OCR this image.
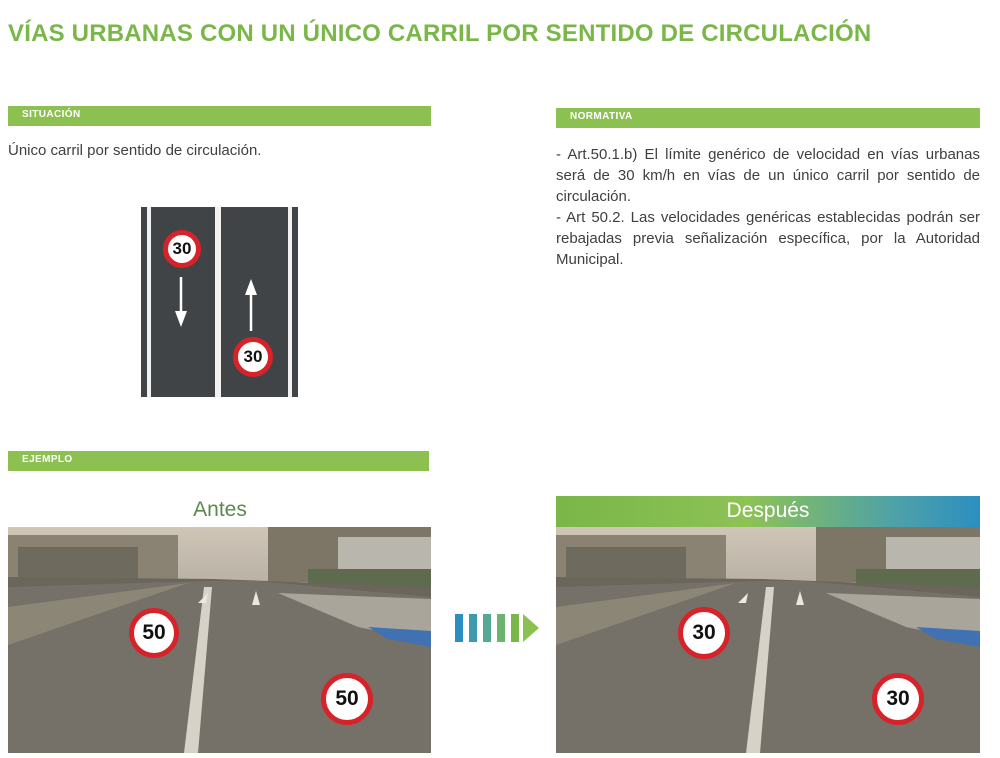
VÍAS URBANAS CON UN ÚNICO CARRIL POR SENTIDO DE CIRCULACIÓN
SITUACIÓN	NORMATIVA
EJEMPLO

Único carril por sentido de circulación.	- Art.50.1.b) El límite genérico de velocidad en vías urbanas será de 30 km/h en vías de un único carril por sentido de circulación.

- Art 50.2. Las velocidades genéricas establecidas podrán ser rebajadas previa señalización específica, por la Autoridad Municipal.

30
30
Antes
50
50
Después
30
30
